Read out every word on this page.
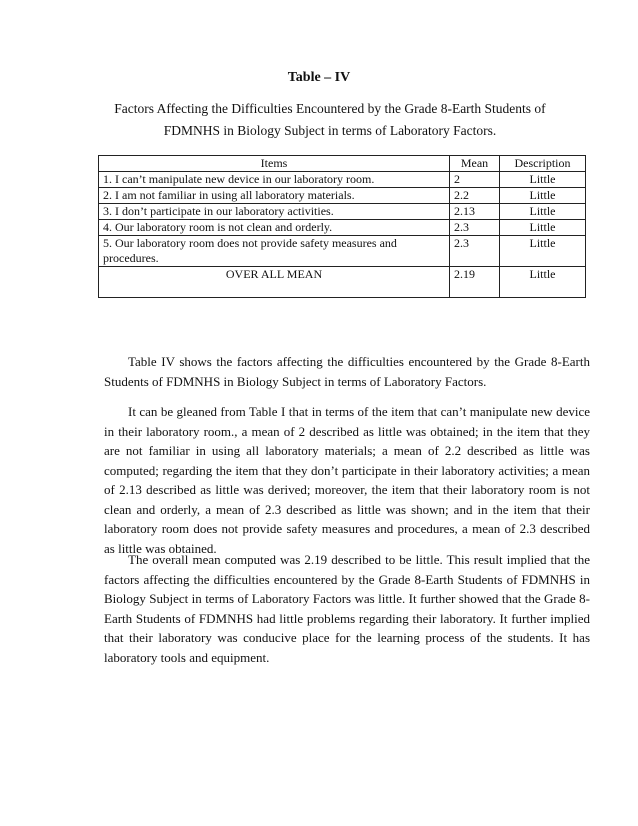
Table – IV
Factors Affecting the Difficulties Encountered by the Grade 8-Earth Students of FDMNHS in Biology Subject in terms of Laboratory Factors.
Items	Mean	Description
1. I can’t manipulate new device in our laboratory room.	2	Little
2. I am not familiar in using all laboratory materials.	2.2	Little
3. I don’t participate in our laboratory activities.	2.13	Little
4. Our laboratory room is not clean and orderly.	2.3	Little

5. Our laboratory room does not provide safety measures and
procedures.	2.3	Little
OVER ALL MEAN	2.19	Little

Table IV shows the factors affecting the difficulties encountered by the Grade 8-Earth Students of FDMNHS in Biology Subject in terms of Laboratory Factors.

It can be gleaned from Table I that in terms of the item that can’t manipulate new device in their laboratory room., a mean of 2 described as little was obtained; in the item that they are not familiar in using all laboratory materials; a mean of 2.2 described as little was computed; regarding the item that they don’t participate in their laboratory activities; a mean of 2.13 described as little was derived; moreover, the item that their laboratory room is not clean and orderly, a mean of 2.3 described as little was shown; and in the item that their laboratory room does not provide safety measures and procedures, a mean of 2.3 described as little was obtained.

The overall mean computed was 2.19 described to be little. This result implied that the factors affecting the difficulties encountered by the Grade 8-Earth Students of FDMNHS in Biology Subject in terms of Laboratory Factors was little. It further showed that the Grade 8- Earth Students of FDMNHS had little problems regarding their laboratory. It further implied that their laboratory was conducive place for the learning process of the students. It has laboratory tools and equipment.
